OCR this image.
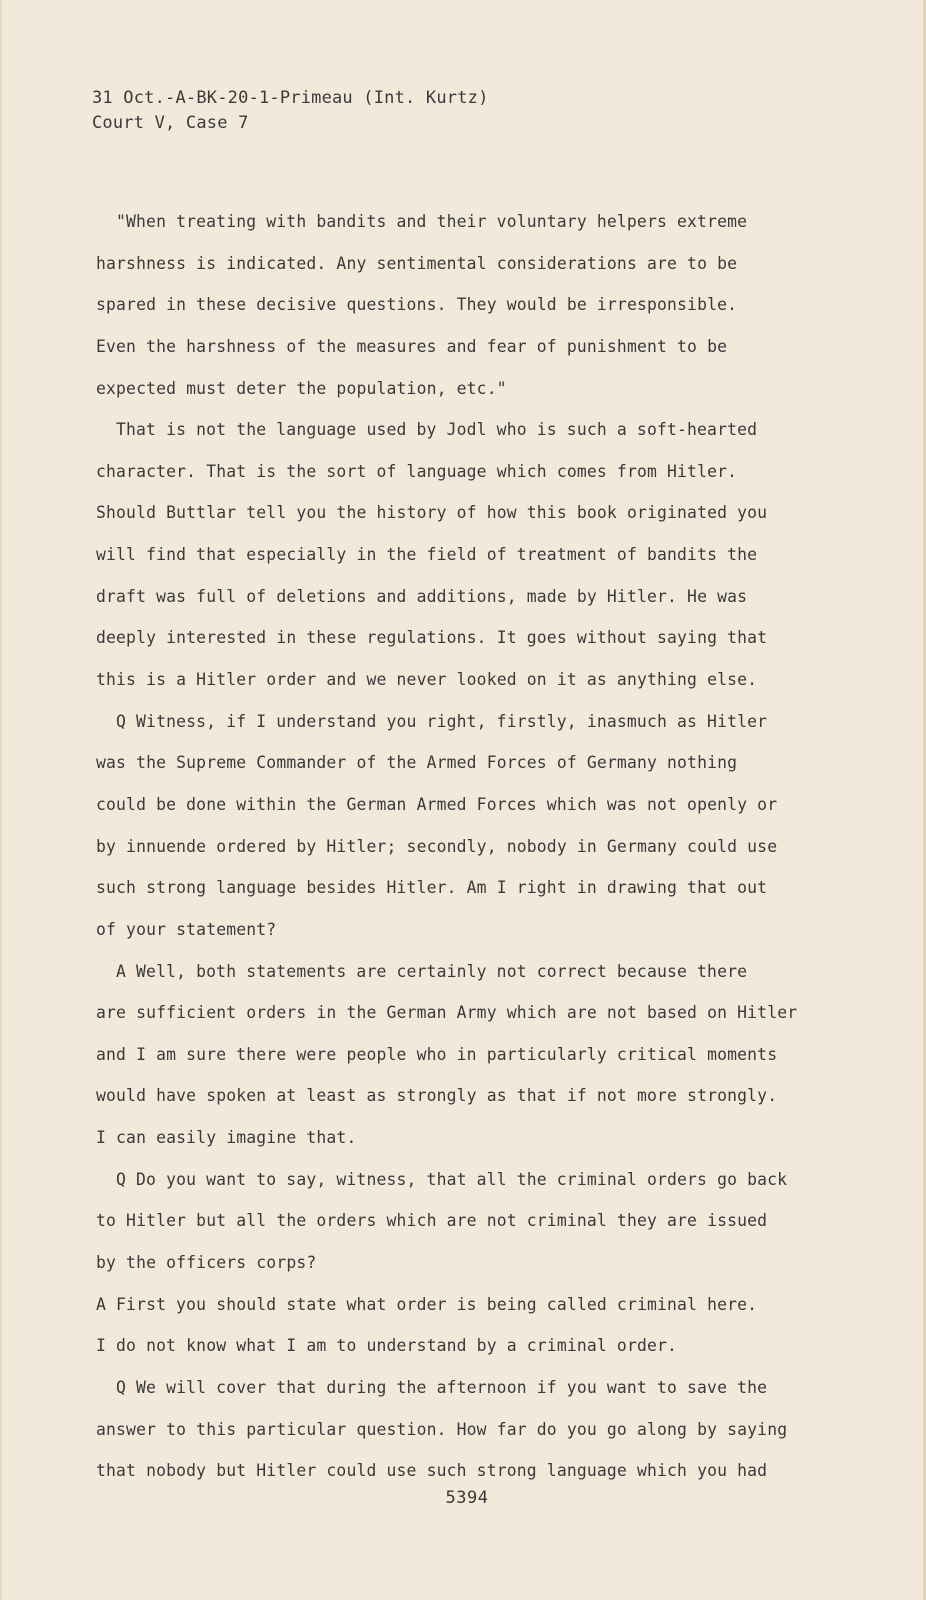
31 Oct.-A-BK-20-1-Primeau (Int. Kurtz)
Court V, Case 7
"When treating with bandits and their voluntary helpers extreme
harshness is indicated. Any sentimental considerations are to be
spared in these decisive questions. They would be irresponsible.
Even the harshness of the measures and fear of punishment to be
expected must deter the population, etc."
That is not the language used by Jodl who is such a soft-hearted
character. That is the sort of language which comes from Hitler.
Should Buttlar tell you the history of how this book originated you
will find that especially in the field of treatment of bandits the
draft was full of deletions and additions, made by Hitler. He was
deeply interested in these regulations. It goes without saying that
this is a Hitler order and we never looked on it as anything else.
Q Witness, if I understand you right, firstly, inasmuch as Hitler
was the Supreme Commander of the Armed Forces of Germany nothing
could be done within the German Armed Forces which was not openly or
by innuende ordered by Hitler; secondly, nobody in Germany could use
such strong language besides Hitler. Am I right in drawing that out
of your statement?
A Well, both statements are certainly not correct because there
are sufficient orders in the German Army which are not based on Hitler
and I am sure there were people who in particularly critical moments
would have spoken at least as strongly as that if not more strongly.
I can easily imagine that.
Q Do you want to say, witness, that all the criminal orders go back
to Hitler but all the orders which are not criminal they are issued
by the officers corps?
A First you should state what order is being called criminal here.
I do not know what I am to understand by a criminal order.
Q We will cover that during the afternoon if you want to save the
answer to this particular question. How far do you go along by saying
that nobody but Hitler could use such strong language which you had
5394
